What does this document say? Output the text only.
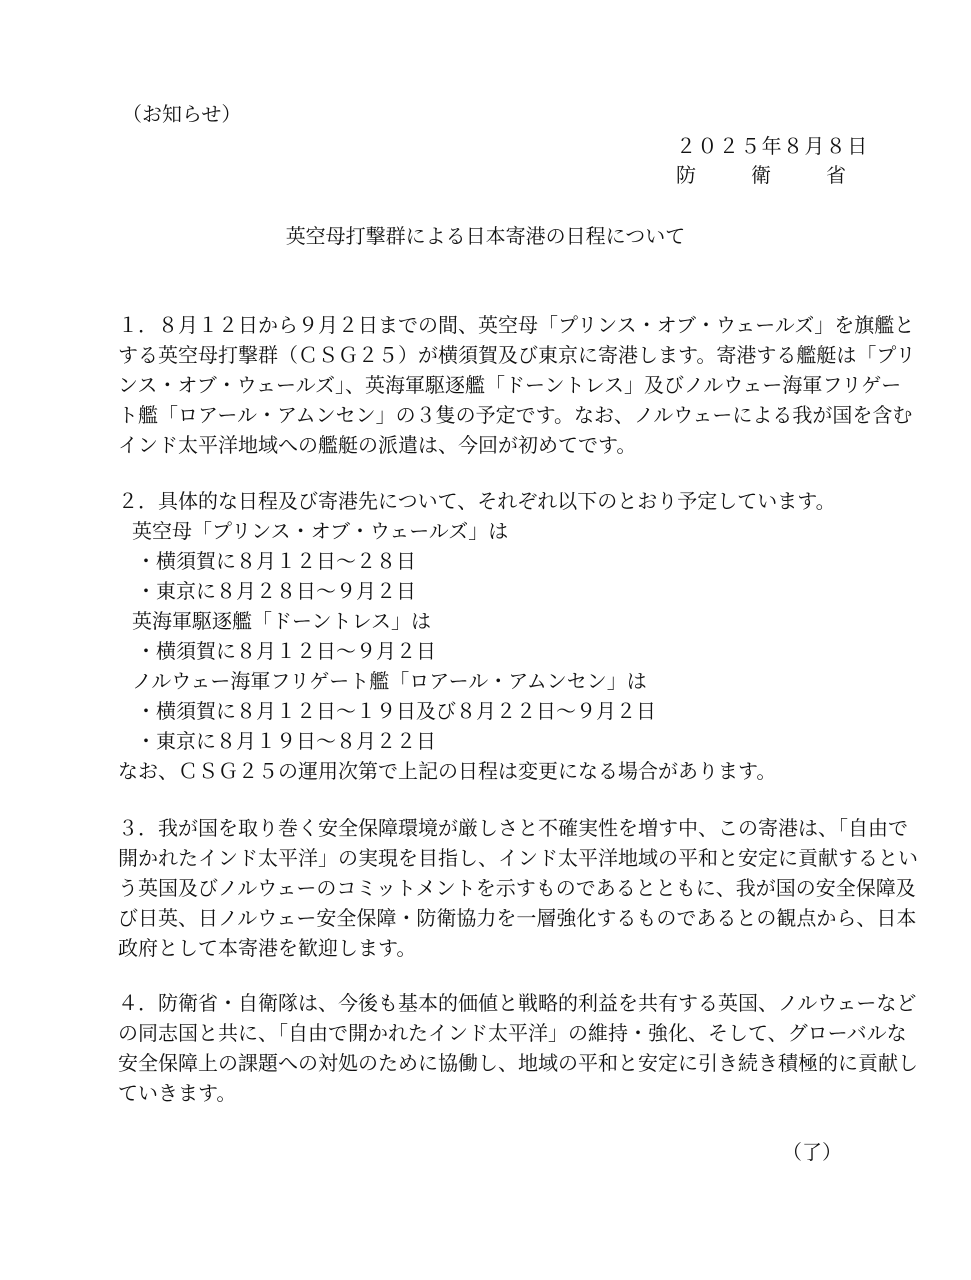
（お知らせ）
２０２５年８月８日
防	衛	省
英空母打撃群による日本寄港の日程について

１．８月１２日から９月２日までの間、英空母「プリンス・オブ・ウェールズ」を旗艦と
する英空母打撃群（ＣＳＧ２５）が横須賀及び東京に寄港します。寄港する艦艇は「プリ
ンス・オブ・ウェールズ」、英海軍駆逐艦「ドーントレス」及びノルウェー海軍フリゲー
ト艦「ロアール・アムンセン」の３隻の予定です。なお、ノルウェーによる我が国を含む
インド太平洋地域への艦艇の派遣は、今回が初めてです。

２．具体的な日程及び寄港先について、それぞれ以下のとおり予定しています。
英空母「プリンス・オブ・ウェールズ」は
・横須賀に８月１２日～２８日
・東京に８月２８日～９月２日
英海軍駆逐艦「ドーントレス」は
・横須賀に８月１２日～９月２日
ノルウェー海軍フリゲート艦「ロアール・アムンセン」は
・横須賀に８月１２日～１９日及び８月２２日～９月２日
・東京に８月１９日～８月２２日
なお、ＣＳＧ２５の運用次第で上記の日程は変更になる場合があります。

３．我が国を取り巻く安全保障環境が厳しさと不確実性を増す中、この寄港は、「自由で
開かれたインド太平洋」の実現を目指し、インド太平洋地域の平和と安定に貢献するとい
う英国及びノルウェーのコミットメントを示すものであるとともに、我が国の安全保障及
び日英、日ノルウェー安全保障・防衛協力を一層強化するものであるとの観点から、日本
政府として本寄港を歓迎します。

４．防衛省・自衛隊は、今後も基本的価値と戦略的利益を共有する英国、ノルウェーなど
の同志国と共に、「自由で開かれたインド太平洋」の維持・強化、そして、グローバルな
安全保障上の課題への対処のために協働し、地域の平和と安定に引き続き積極的に貢献し
ていきます。

（了）
